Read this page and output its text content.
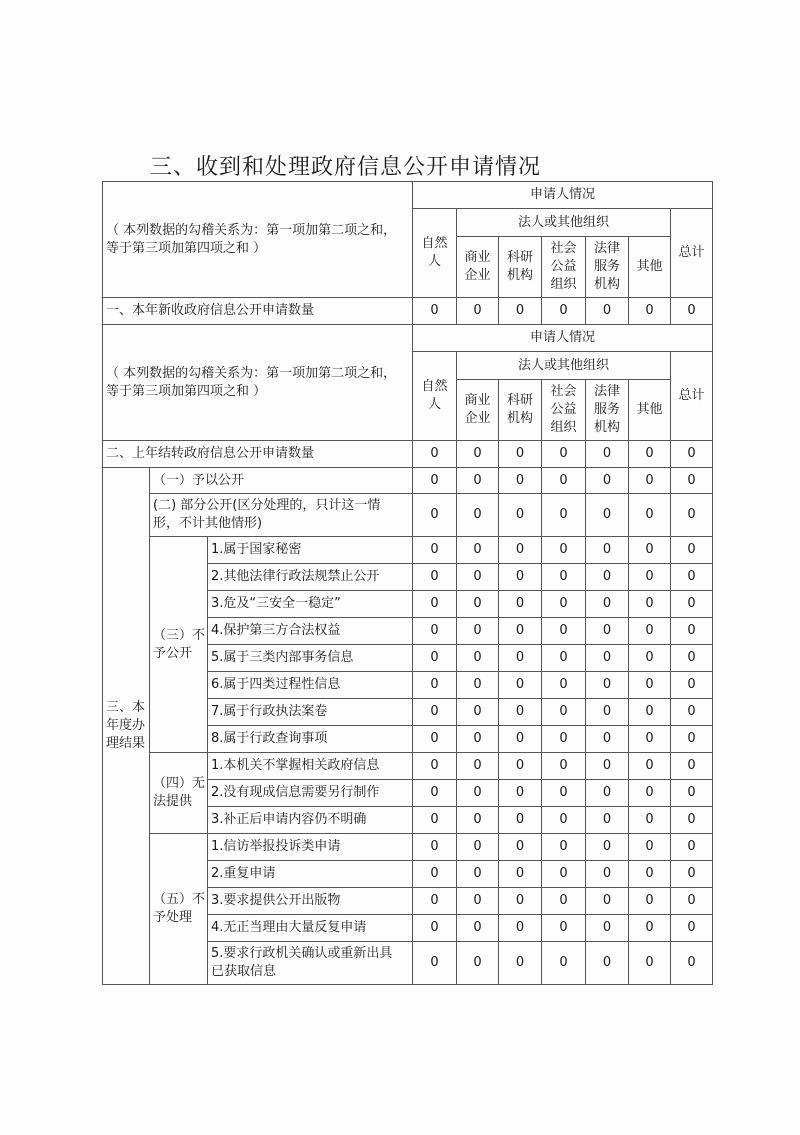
三、收到和处理政府信息公开申请情况
（ 本列数据的勾稽关系为：第一项加第二项之和，等于第三项加第四项之和 ）			申请人情况						
			自然人	法人或其他组织					总计
				商业企业	科研机构	社会公益组织	法律服务机构	其他	
一、本年新收政府信息公开申请数量			0	0	0	0	0	0	0
（ 本列数据的勾稽关系为：第一项加第二项之和，等于第三项加第四项之和 ）			申请人情况						
			自然人	法人或其他组织					总计
				商业企业	科研机构	社会公益组织	法律服务机构	其他	
二、上年结转政府信息公开申请数量			0	0	0	0	0	0	0
三、本年度办理结果	（一）予以公开		0	0	0	0	0	0	0
	(二) 部分公开(区分处理的，只计这一情形，不计其他情形)		0	0	0	0	0	0	0
	（三）不予公开	1.属于国家秘密	0	0	0	0	0	0	0
		2.其他法律行政法规禁止公开	0	0	0	0	0	0	0
		3.危及“三安全一稳定”	0	0	0	0	0	0	0
		4.保护第三方合法权益	0	0	0	0	0	0	0
		5.属于三类内部事务信息	0	0	0	0	0	0	0
		6.属于四类过程性信息	0	0	0	0	0	0	0
		7.属于行政执法案卷	0	0	0	0	0	0	0
		8.属于行政查询事项	0	0	0	0	0	0	0
	（四）无法提供	1.本机关不掌握相关政府信息	0	0	0	0	0	0	0
		2.没有现成信息需要另行制作	0	0	0	0	0	0	0
		3.补正后申请内容仍不明确	0	0	0	0	0	0	0
	（五）不予处理	1.信访举报投诉类申请	0	0	0	0	0	0	0
		2.重复申请	0	0	0	0	0	0	0
		3.要求提供公开出版物	0	0	0	0	0	0	0
		4.无正当理由大量反复申请	0	0	0	0	0	0	0
		5.要求行政机关确认或重新出具已获取信息	0	0	0	0	0	0	0
